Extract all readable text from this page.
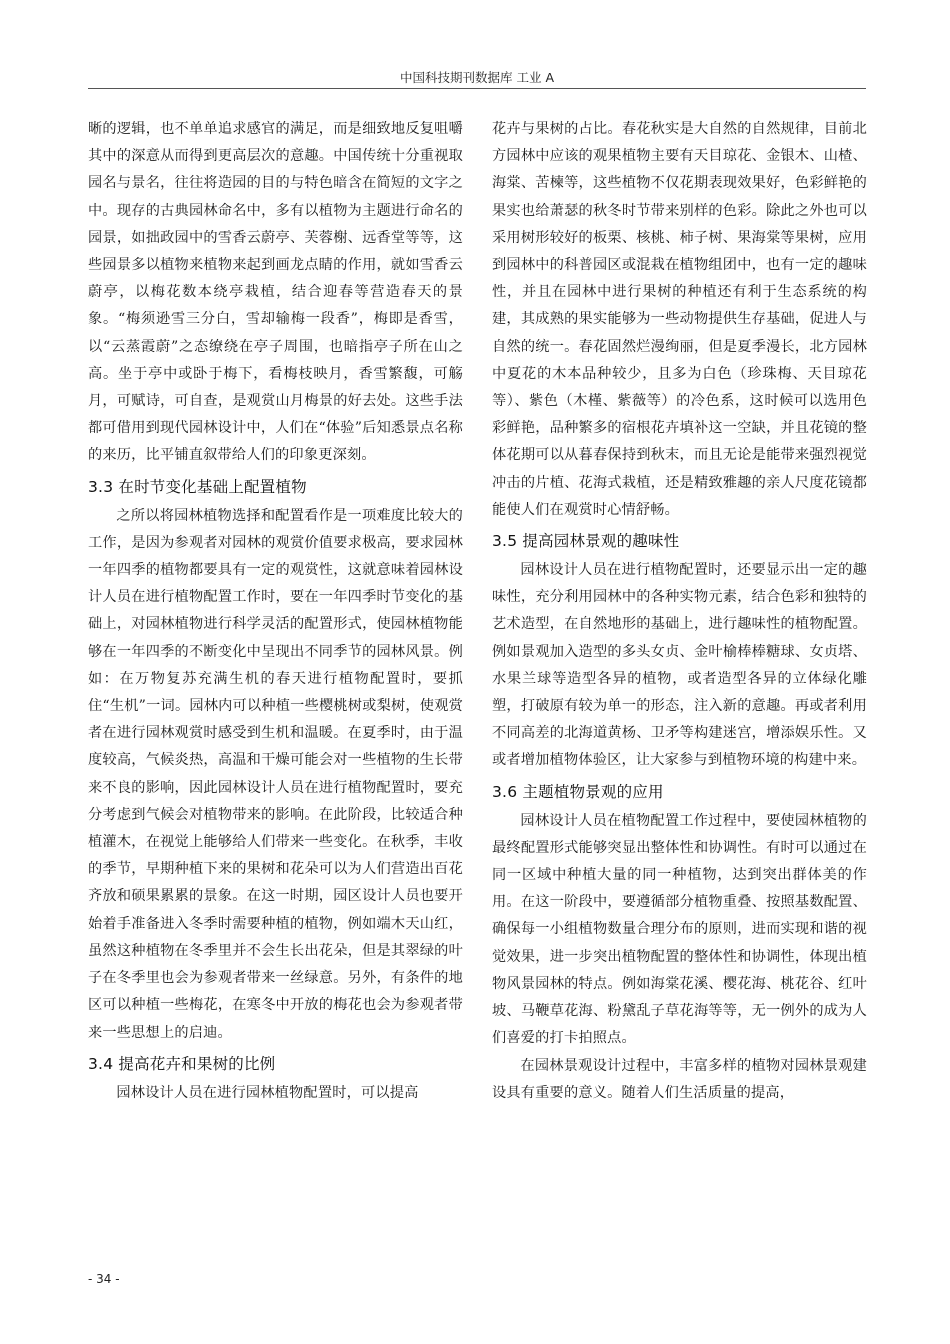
中国科技期刊数据库 工业 A

晰的逻辑，也不单单追求感官的满足，而是细致地反复咀嚼其中的深意从而得到更高层次的意趣。中国传统十分重视取园名与景名，往往将造园的目的与特色暗含在简短的文字之中。现存的古典园林命名中，多有以植物为主题进行命名的园景，如拙政园中的雪香云蔚亭、芙蓉榭、远香堂等等，这些园景多以植物来植物来起到画龙点睛的作用，就如雪香云蔚亭，以梅花数本绕亭栽植，结合迎春等营造春天的景象。“梅须逊雪三分白，雪却输梅一段香”，梅即是香雪，以“云蒸霞蔚”之态缭绕在亭子周围，也暗指亭子所在山之高。坐于亭中或卧于梅下，看梅枝映月，香雪繁馥，可觞月，可赋诗，可自查，是观赏山月梅景的好去处。这些手法都可借用到现代园林设计中，人们在“体验”后知悉景点名称的来历，比平铺直叙带给人们的印象更深刻。

3.3 在时节变化基础上配置植物

之所以将园林植物选择和配置看作是一项难度比较大的工作，是因为参观者对园林的观赏价值要求极高，要求园林一年四季的植物都要具有一定的观赏性，这就意味着园林设计人员在进行植物配置工作时，要在一年四季时节变化的基础上，对园林植物进行科学灵活的配置形式，使园林植物能够在一年四季的不断变化中呈现出不同季节的园林风景。例如：在万物复苏充满生机的春天进行植物配置时，要抓住“生机”一词。园林内可以种植一些樱桃树或梨树，使观赏者在进行园林观赏时感受到生机和温暖。在夏季时，由于温度较高，气候炎热，高温和干燥可能会对一些植物的生长带来不良的影响，因此园林设计人员在进行植物配置时，要充分考虑到气候会对植物带来的影响。在此阶段，比较适合种植灌木，在视觉上能够给人们带来一些变化。在秋季，丰收的季节，早期种植下来的果树和花朵可以为人们营造出百花齐放和硕果累累的景象。在这一时期，园区设计人员也要开始着手准备进入冬季时需要种植的植物，例如端木天山红，虽然这种植物在冬季里并不会生长出花朵，但是其翠绿的叶子在冬季里也会为参观者带来一丝绿意。另外，有条件的地区可以种植一些梅花，在寒冬中开放的梅花也会为参观者带来一些思想上的启迪。

3.4 提高花卉和果树的比例

园林设计人员在进行园林植物配置时，可以提高

花卉与果树的占比。春花秋实是大自然的自然规律，目前北方园林中应该的观果植物主要有天目琼花、金银木、山楂、海棠、苦楝等，这些植物不仅花期表现效果好，色彩鲜艳的果实也给萧瑟的秋冬时节带来别样的色彩。除此之外也可以采用树形较好的板栗、核桃、柿子树、果海棠等果树，应用到园林中的科普园区或混栽在植物组团中，也有一定的趣味性，并且在园林中进行果树的种植还有利于生态系统的构建，其成熟的果实能够为一些动物提供生存基础，促进人与自然的统一。春花固然烂漫绚丽，但是夏季漫长，北方园林中夏花的木本品种较少，且多为白色（珍珠梅、天目琼花等）、紫色（木槿、紫薇等）的冷色系，这时候可以选用色彩鲜艳，品种繁多的宿根花卉填补这一空缺，并且花镜的整体花期可以从暮春保持到秋末，而且无论是能带来强烈视觉冲击的片植、花海式栽植，还是精致雅趣的亲人尺度花镜都能使人们在观赏时心情舒畅。

3.5 提高园林景观的趣味性

园林设计人员在进行植物配置时，还要显示出一定的趣味性，充分利用园林中的各种实物元素，结合色彩和独特的艺术造型，在自然地形的基础上，进行趣味性的植物配置。例如景观加入造型的多头女贞、金叶榆棒棒糖球、女贞塔、水果兰球等造型各异的植物，或者造型各异的立体绿化雕塑，打破原有较为单一的形态，注入新的意趣。再或者利用不同高差的北海道黄杨、卫矛等构建迷宫，增添娱乐性。又或者增加植物体验区，让大家参与到植物环境的构建中来。

3.6 主题植物景观的应用

园林设计人员在植物配置工作过程中，要使园林植物的最终配置形式能够突显出整体性和协调性。有时可以通过在同一区域中种植大量的同一种植物，达到突出群体美的作用。在这一阶段中，要遵循部分植物重叠、按照基数配置、确保每一小组植物数量合理分布的原则，进而实现和谐的视觉效果，进一步突出植物配置的整体性和协调性，体现出植物风景园林的特点。例如海棠花溪、樱花海、桃花谷、红叶坡、马鞭草花海、粉黛乱子草花海等等，无一例外的成为人们喜爱的打卡拍照点。

在园林景观设计过程中，丰富多样的植物对园林景观建设具有重要的意义。随着人们生活质量的提高，

- 34 -
